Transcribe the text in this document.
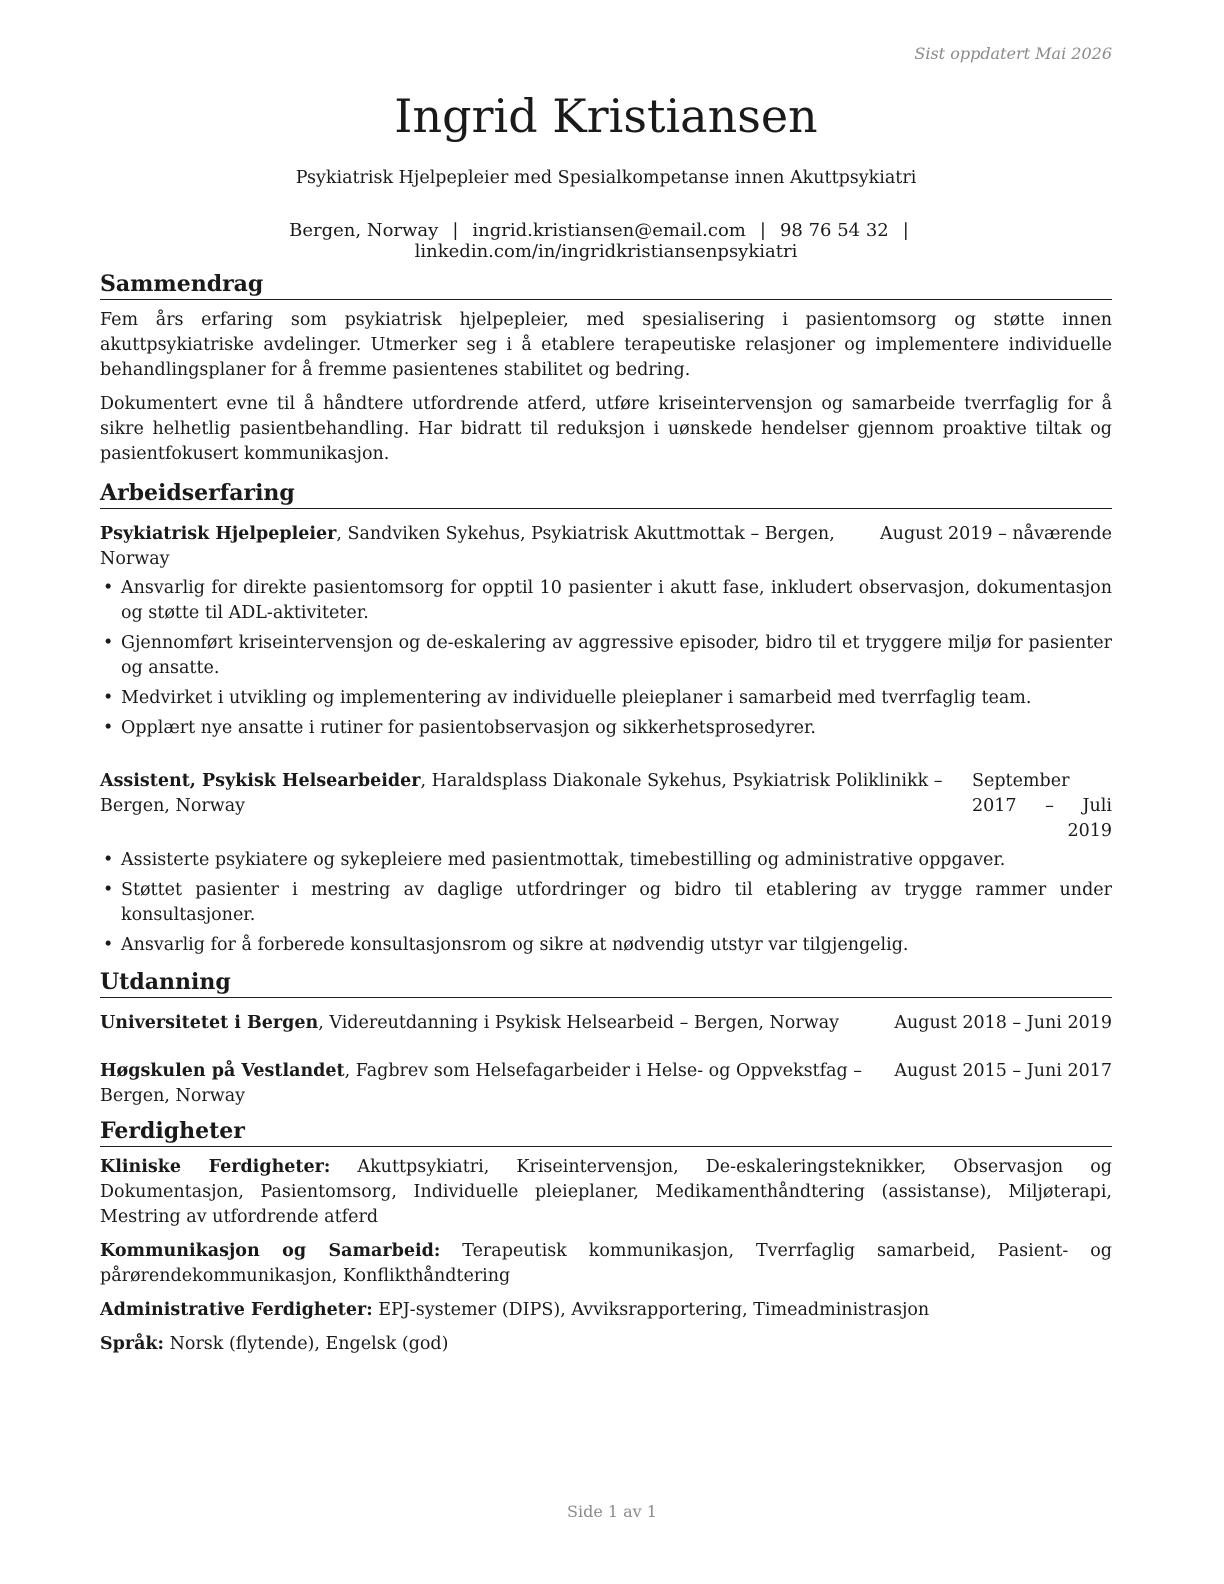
Sist oppdatert Mai 2026
Ingrid Kristiansen
Psykiatrisk Hjelpepleier med Spesialkompetanse innen Akuttpsykiatri
Bergen, Norway | ingrid.kristiansen@email.com | 98 76 54 32 |linkedin.com/in/ingridkristiansenpsykiatri
Sammendrag

Fem års erfaring som psykiatrisk hjelpepleier, med spesialisering i pasientomsorg og støtte innen akuttpsykiatriske avdelinger. Utmerker seg i å etablere terapeutiske relasjoner og implementere individuelle behandlingsplaner for å fremme pasientenes stabilitet og bedring.

Dokumentert evne til å håndtere utfordrende atferd, utføre kriseintervensjon og samarbeide tverrfaglig for å sikre helhetlig pasientbehandling. Har bidratt til reduksjon i uønskede hendelser gjennom proaktive tiltak og pasientfokusert kommunikasjon.

Arbeidserfaring
Psykiatrisk Hjelpepleier, Sandviken Sykehus, Psykiatrisk Akuttmottak – Bergen, Norway
August 2019 – nåværende
• Ansvarlig for direkte pasientomsorg for opptil 10 pasienter i akutt fase, inkludert observasjon, dokumentasjon og støtte til ADL-aktiviteter.
• Gjennomført kriseintervensjon og de-eskalering av aggressive episoder, bidro til et tryggere miljø for pasienter og ansatte.
• Medvirket i utvikling og implementering av individuelle pleieplaner i samarbeid med tverrfaglig team.
• Opplært nye ansatte i rutiner for pasientobservasjon og sikkerhetsprosedyrer.
Assistent, Psykisk Helsearbeider, Haraldsplass Diakonale Sykehus, Psykiatrisk Poliklinikk – Bergen, Norway
September 2017 – Juli 2019
• Assisterte psykiatere og sykepleiere med pasientmottak, timebestilling og administrative oppgaver.
• Støttet pasienter i mestring av daglige utfordringer og bidro til etablering av trygge rammer under konsultasjoner.
• Ansvarlig for å forberede konsultasjonsrom og sikre at nødvendig utstyr var tilgjengelig.
Utdanning
Universitetet i Bergen, Videreutdanning i Psykisk Helsearbeid – Bergen, Norway	August 2018 – Juni 2019
Høgskulen på Vestlandet, Fagbrev som Helsefagarbeider i Helse- og Oppvekstfag – Bergen, Norway
August 2015 – Juni 2017
Ferdigheter

Kliniske Ferdigheter: Akuttpsykiatri, Kriseintervensjon, De-eskaleringsteknikker, Observasjon og Dokumentasjon, Pasientomsorg, Individuelle pleieplaner, Medikamenthåndtering (assistanse), Miljøterapi, Mestring av utfordrende atferd

Kommunikasjon og Samarbeid: Terapeutisk kommunikasjon, Tverrfaglig samarbeid, Pasient- og pårørendekommunikasjon, Konflikthåndtering

Administrative Ferdigheter: EPJ-systemer (DIPS), Avviksrapportering, Timeadministrasjon

Språk: Norsk (flytende), Engelsk (god)

Side 1 av 1
